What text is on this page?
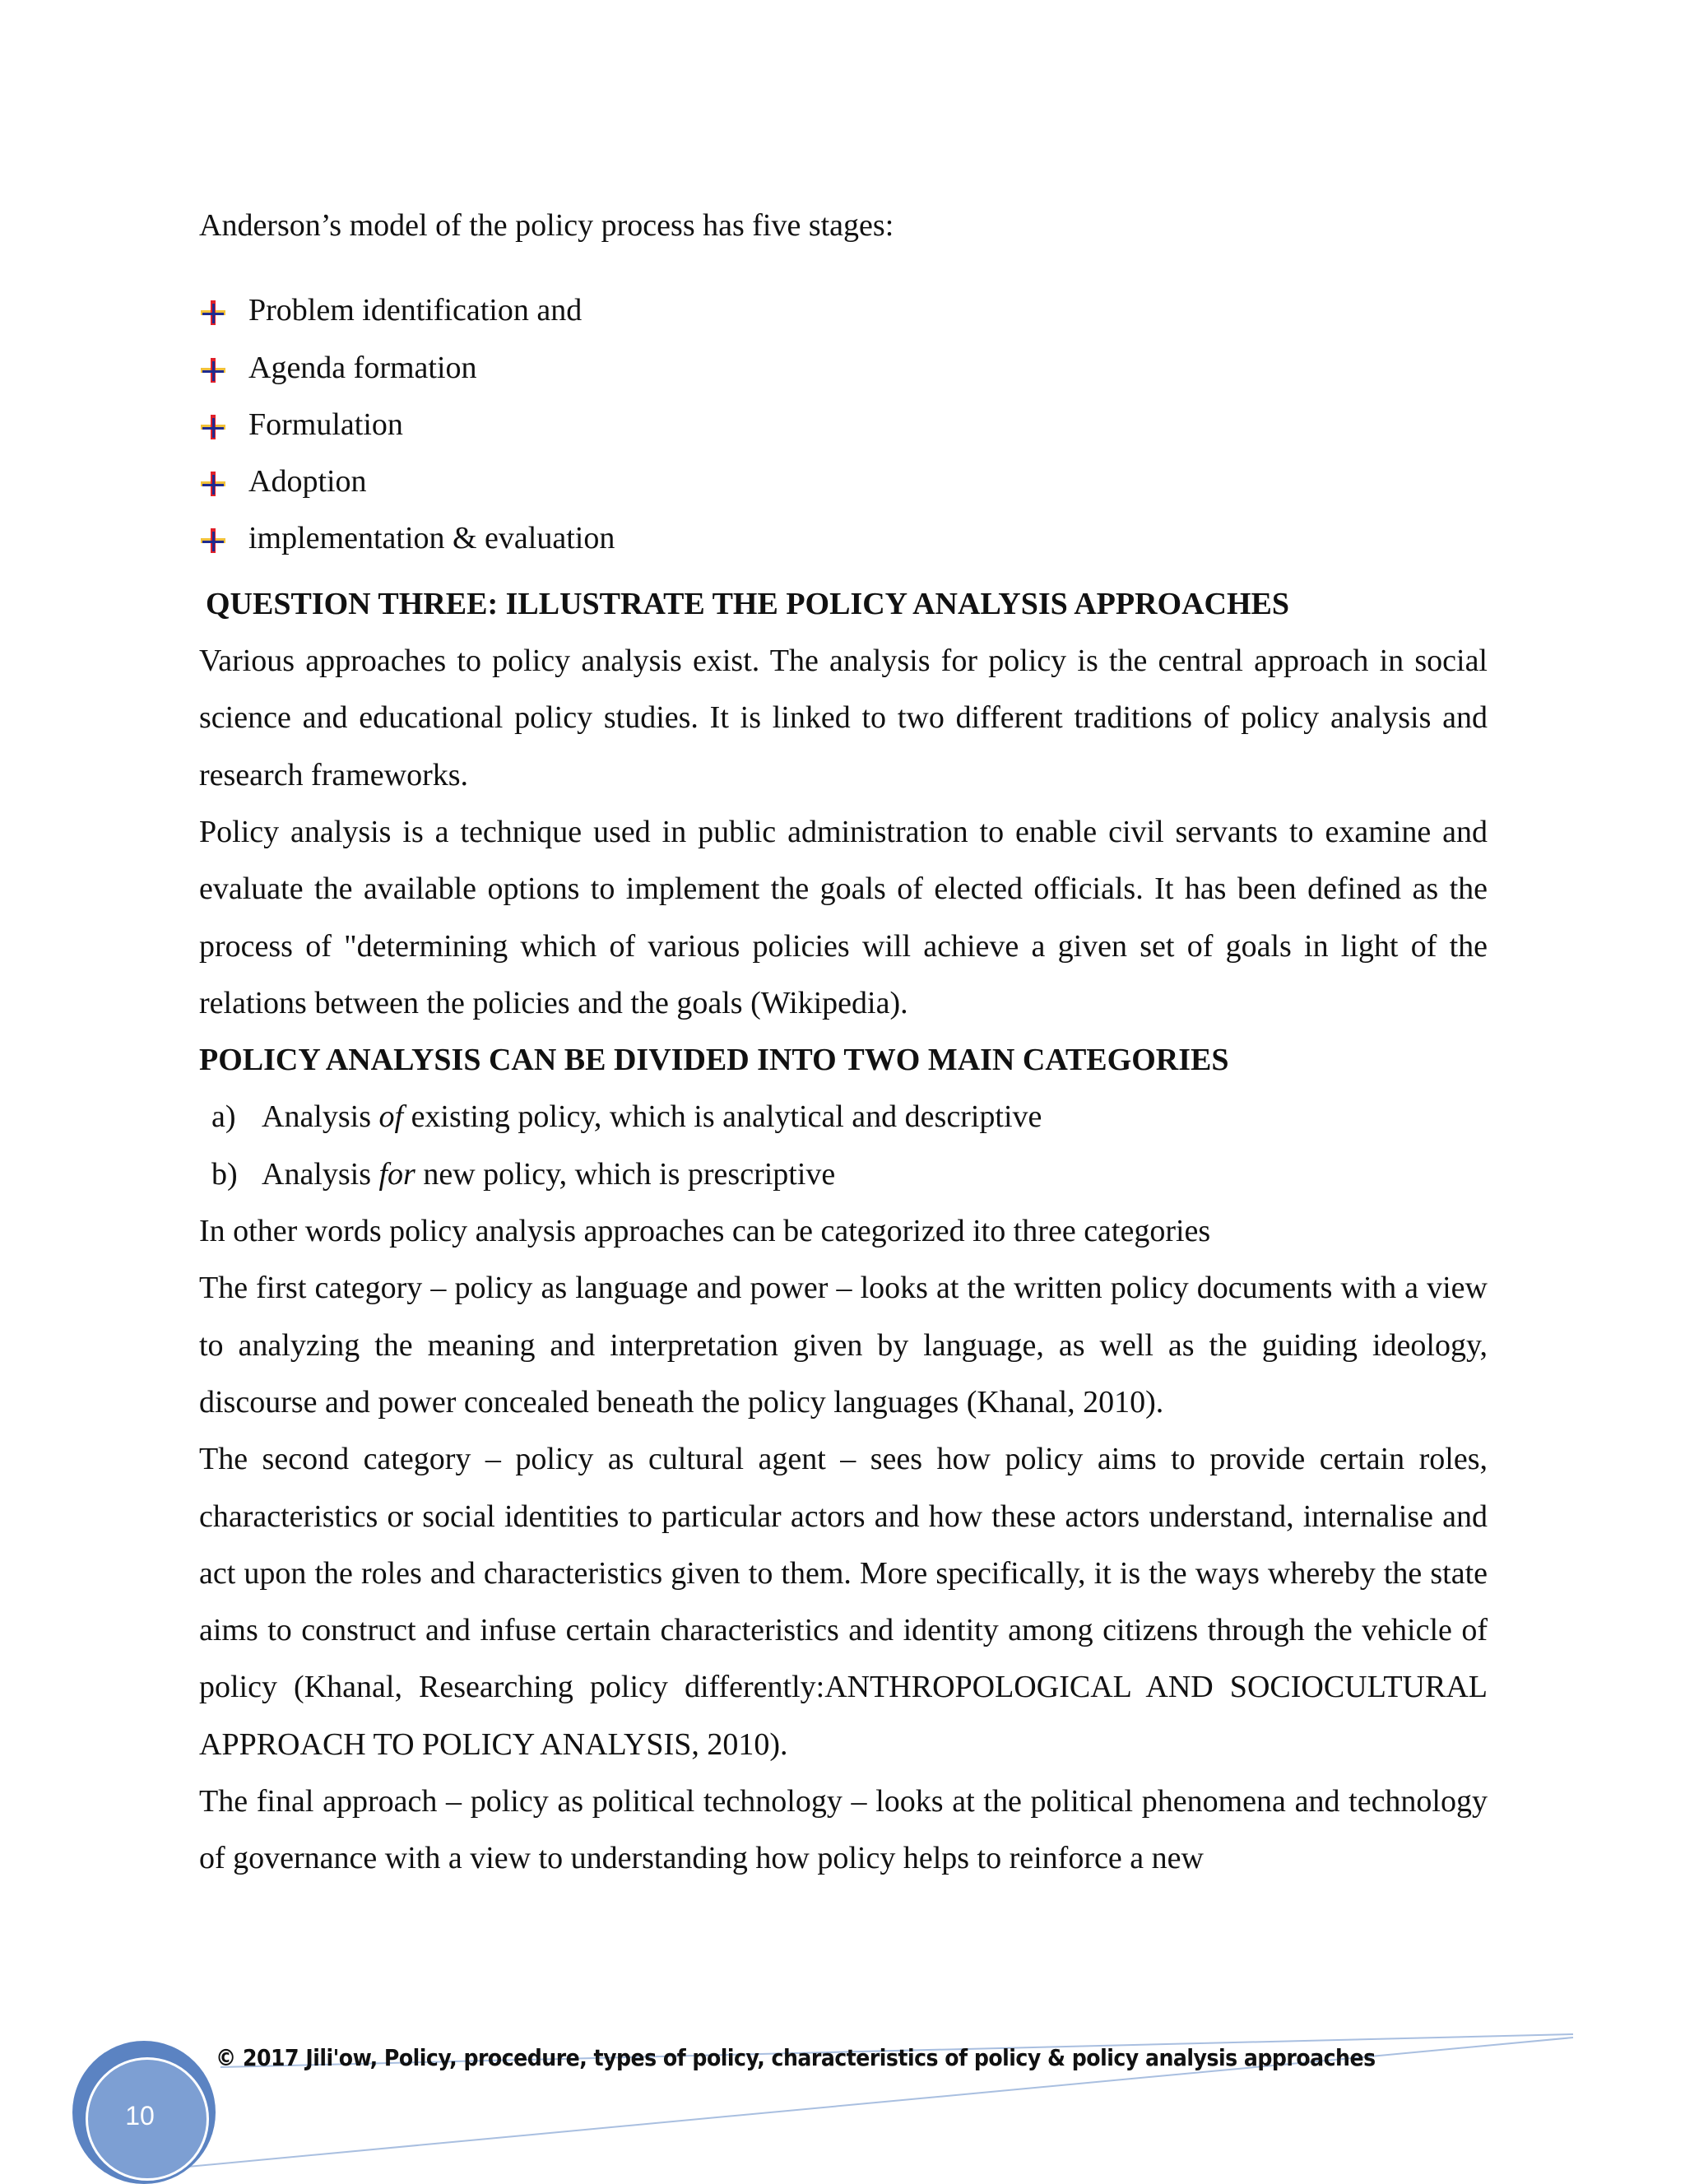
Anderson’s model of the policy process has five stages:

Problem identification and
Agenda formation
Formulation
Adoption
implementation & evaluation
QUESTION THREE: ILLUSTRATE THE POLICY ANALYSIS APPROACHES

Various approaches to policy analysis exist. The analysis for policy is the central approach in social science and educational policy studies. It is linked to two different traditions of policy analysis and research frameworks.

Policy analysis is a technique used in public administration to enable civil servants to examine and evaluate the available options to implement the goals of elected officials. It has been defined as the process of "determining which of various policies will achieve a given set of goals in light of the relations between the policies and the goals (Wikipedia).

POLICY ANALYSIS CAN BE DIVIDED INTO TWO MAIN CATEGORIES
a) Analysis of existing policy, which is analytical and descriptive
b) Analysis for new policy, which is prescriptive

In other words policy analysis approaches can be categorized ito three categories

The first category – policy as language and power – looks at the written policy documents with a view to analyzing the meaning and interpretation given by language, as well as the guiding ideology, discourse and power concealed beneath the policy languages (Khanal, 2010).

The second category – policy as cultural agent – sees how policy aims to provide certain roles, characteristics or social identities to particular actors and how these actors understand, internalise and act upon the roles and characteristics given to them. More specifically, it is the ways whereby the state aims to construct and infuse certain characteristics and identity among citizens through the vehicle of policy (Khanal, Researching policy differently:ANTHROPOLOGICAL AND SOCIOCULTURAL APPROACH TO POLICY ANALYSIS, 2010).

The final approach – policy as political technology – looks at the political phenomena and technology of governance with a view to understanding how policy helps to reinforce a new

10
© 2017 Jili'ow, Policy, procedure, types of policy, characteristics of policy & policy analysis approaches
